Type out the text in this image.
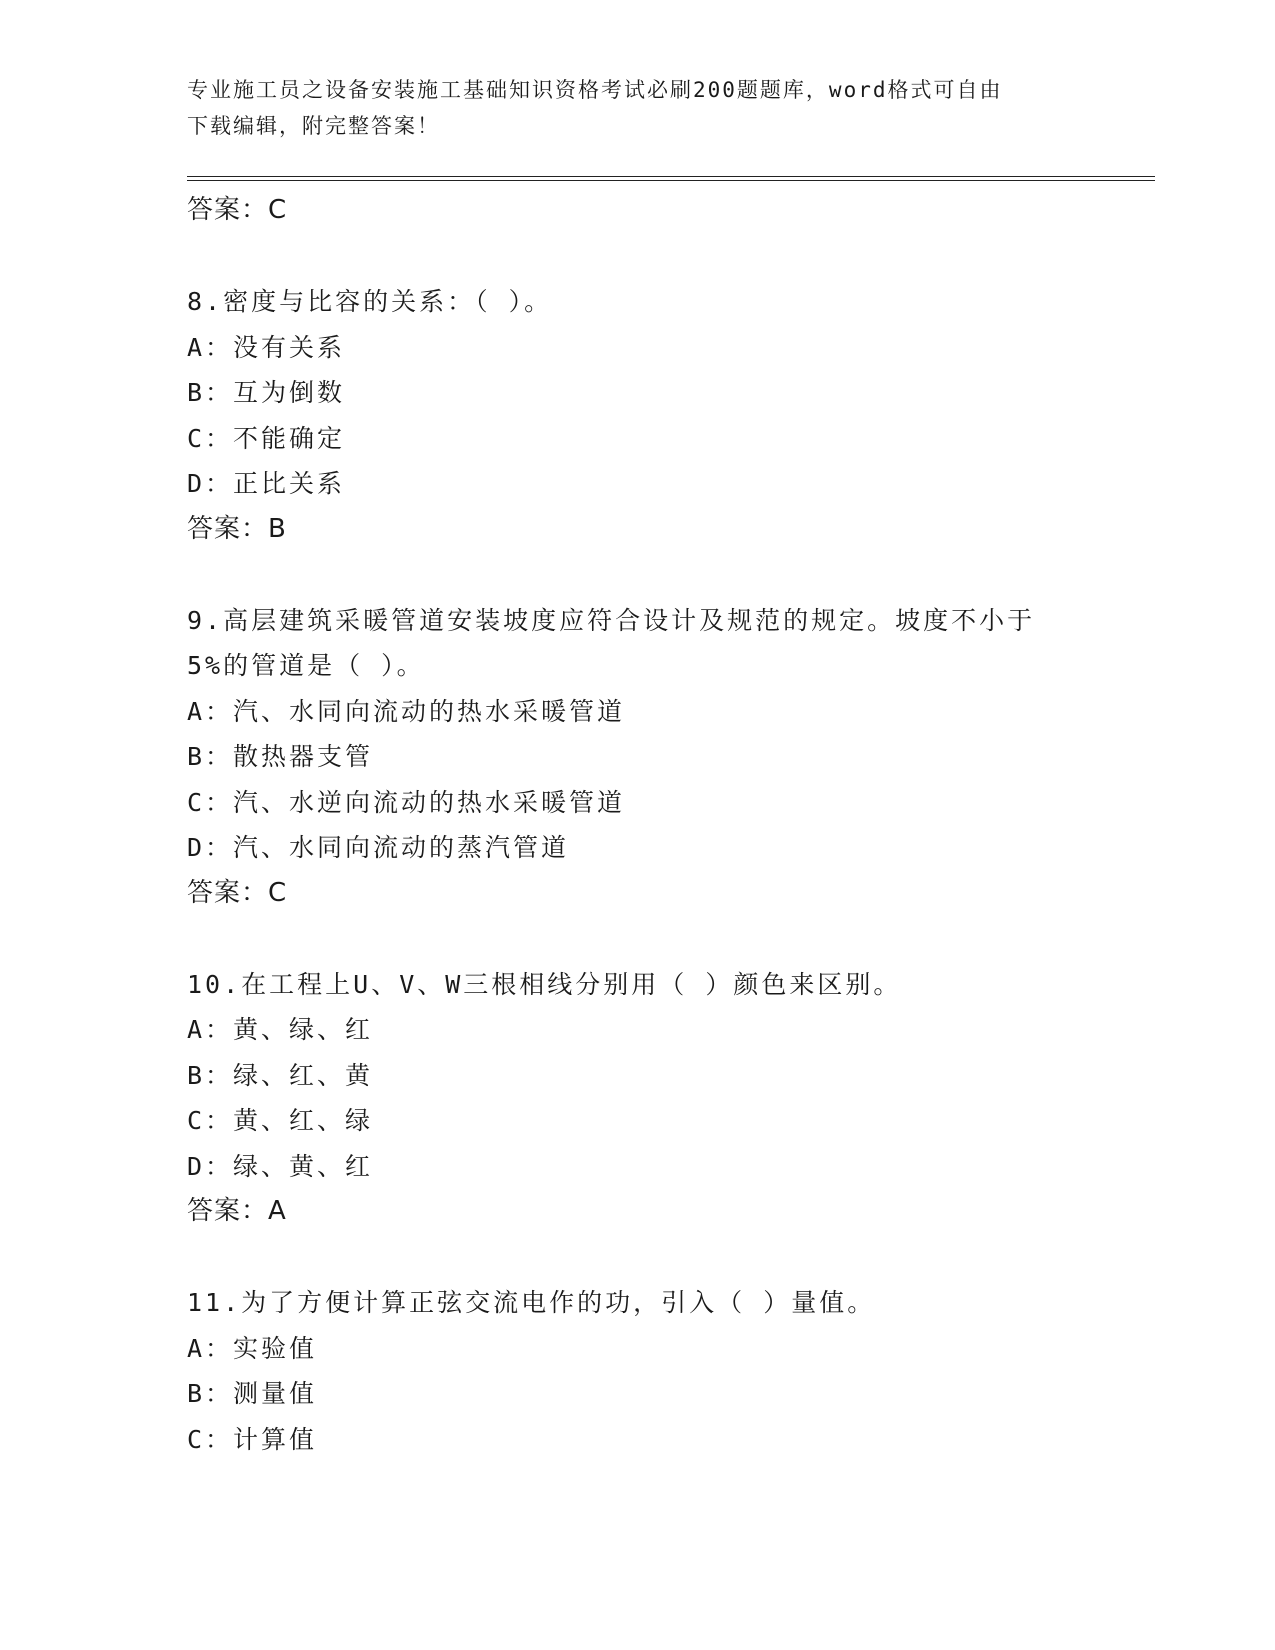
专业施工员之设备安装施工基础知识资格考试必刷200题题库，word格式可自由
下载编辑，附完整答案！
答案：C
8.密度与比容的关系：（ ）。
A：没有关系
B：互为倒数
C：不能确定
D：正比关系
答案：B
9.高层建筑采暖管道安装坡度应符合设计及规范的规定。坡度不小于
5%的管道是（ ）。
A：汽、水同向流动的热水采暖管道
B：散热器支管
C：汽、水逆向流动的热水采暖管道
D：汽、水同向流动的蒸汽管道
答案：C
10.在工程上U、V、W三根相线分别用（ ）颜色来区别。
A：黄、绿、红
B：绿、红、黄
C：黄、红、绿
D：绿、黄、红
答案：A
11.为了方便计算正弦交流电作的功，引入（ ）量值。
A：实验值
B：测量值
C：计算值
